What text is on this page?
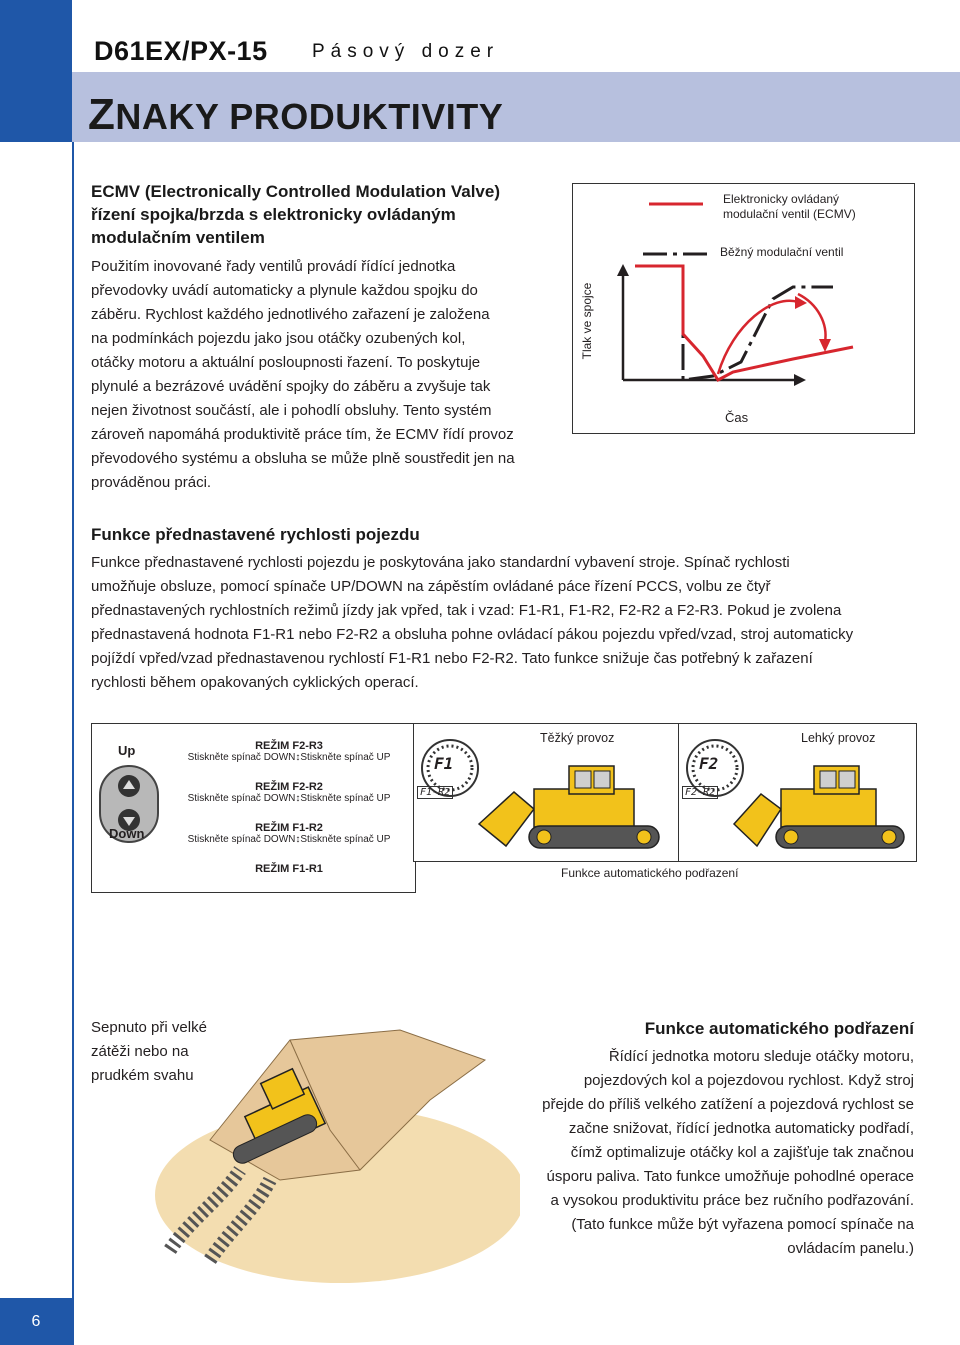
6
D61EX/PX-15 Pásový dozer
ZNAKY PRODUKTIVITY
ECMV (Electronically Controlled Modulation Valve)
řízení spojka/brzda s elektronicky ovládaným
modulačním ventilem
Použitím inovované řady ventilů provádí řídící jednotka
převodovky uvádí automaticky a plynule každou spojku do
záběru. Rychlost každého jednotlivého zařazení je založena
na podmínkách pojezdu jako jsou otáčky ozubených kol,
otáčky motoru a aktuální posloupnosti řazení. To poskytuje
plynulé a bezrázové uvádění spojky do záběru a zvyšuje tak
nejen životnost součástí, ale i pohodlí obsluhy. Tento systém
zároveň napomáhá produktivitě práce tím, že ECMV řídí provoz
převodového systému a obsluha se může plně soustředit jen na
prováděnou práci.
Elektronicky ovládaný
modulační ventil (ECMV)
Běžný modulační ventil
Tlak ve spojce
Čas
Funkce přednastavené rychlosti pojezdu
Funkce přednastavené rychlosti pojezdu je poskytována jako standardní vybavení stroje. Spínač rychlosti
umožňuje obsluze, pomocí spínače UP/DOWN na zápěstím ovládané páce řízení PCCS, volbu ze čtyř
přednastavených rychlostních režimů jízdy jak vpřed, tak i vzad: F1-R1, F1-R2, F2-R2 a F2-R3. Pokud je zvolena
přednastavená hodnota F1-R1 nebo F2-R2 a obsluha pohne ovládací pákou pojezdu vpřed/vzad, stroj automaticky
pojíždí vpřed/vzad přednastavenou rychlostí F1-R1 nebo F2-R2. Tato funkce snižuje čas potřebný k zařazení
rychlosti během opakovaných cyklických operací.
Up
Down
REŽIM F2-R3
Stiskněte spínač DOWN↕Stiskněte spínač UP
REŽIM F2-R2
Stiskněte spínač DOWN↕Stiskněte spínač UP
REŽIM F1-R2
Stiskněte spínač DOWN↕Stiskněte spínač UP
REŽIM F1-R1
Těžký provoz
F1
F1-R2
Lehký provoz
F2
F2-R2
Funkce automatického podřazení
Sepnuto při velké
zátěži nebo na
prudkém svahu
Funkce automatického podřazení
Řídící jednotka motoru sleduje otáčky motoru,
pojezdových kol a pojezdovou rychlost. Když stroj
přejde do příliš velkého zatížení a pojezdová rychlost se
začne snižovat, řídící jednotka automaticky podřadí,
čímž optimalizuje otáčky kol a zajišťuje tak značnou
úsporu paliva. Tato funkce umožňuje pohodlné operace
a vysokou produktivitu práce bez ručního podřazování.
(Tato funkce může být vyřazena pomocí spínače na
ovládacím panelu.)
